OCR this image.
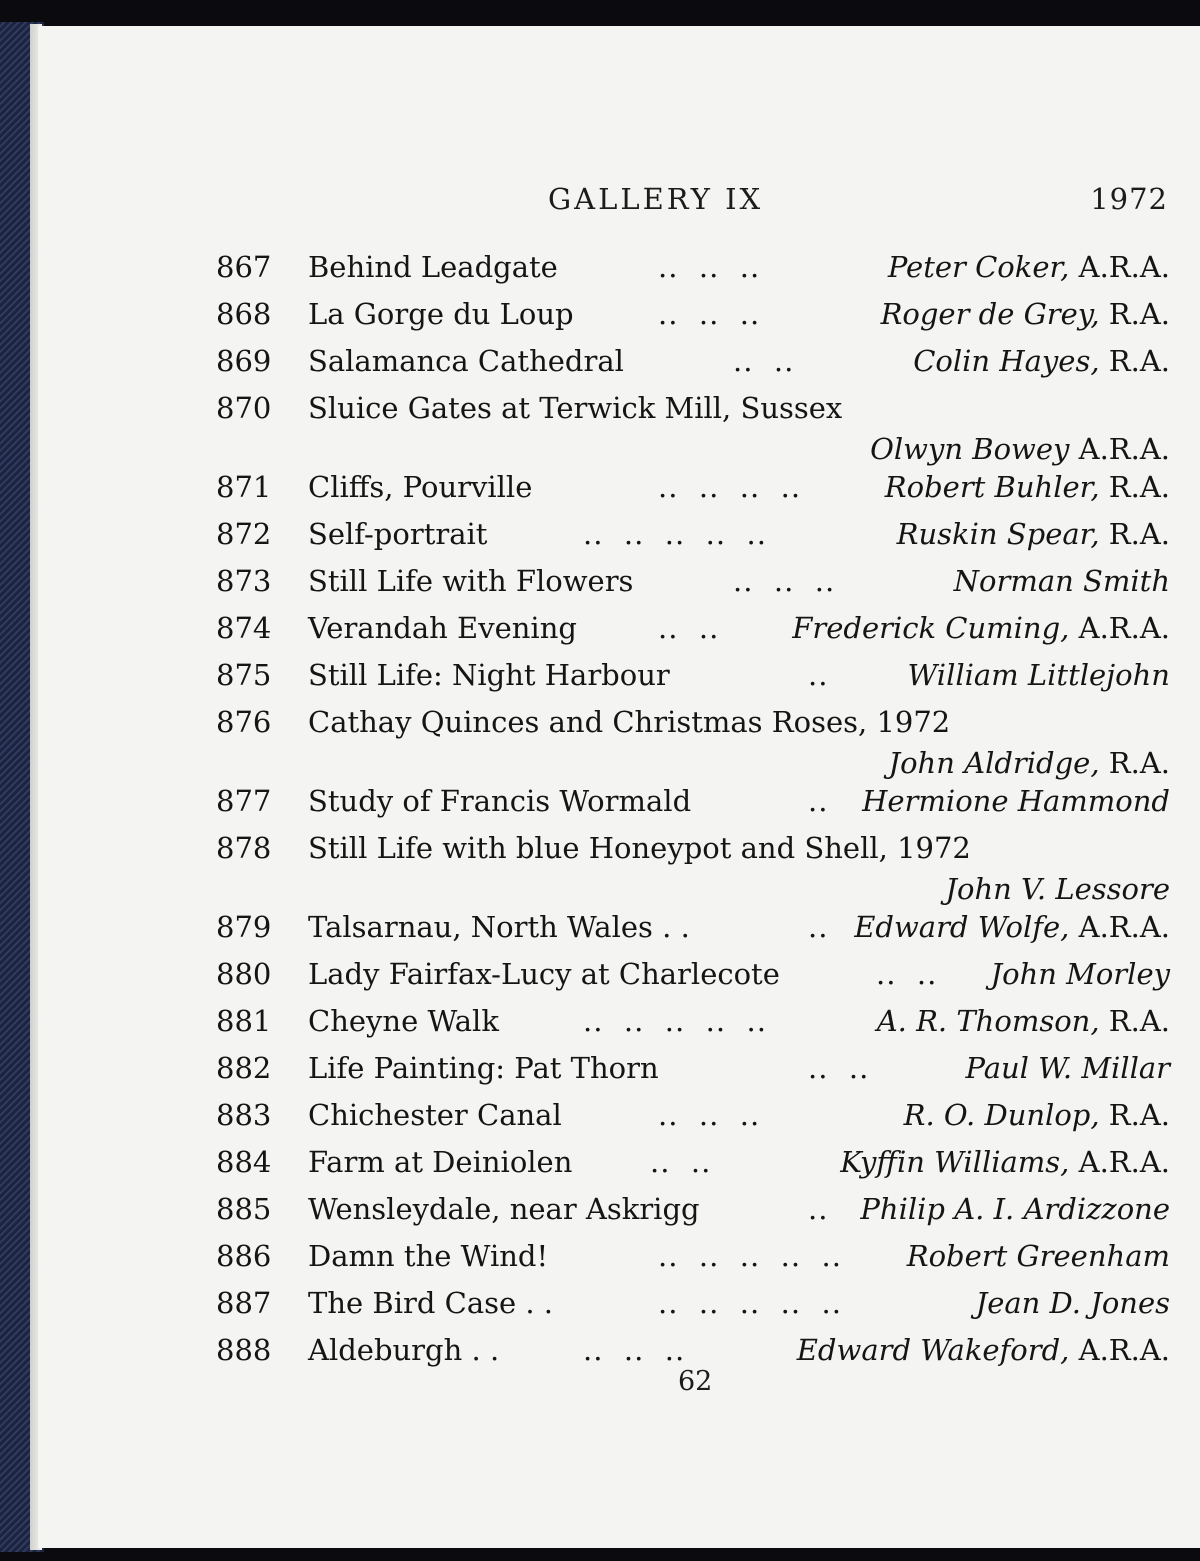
GALLERY IX	1972
867 Behind Leadgate	..  ..  ..	Peter Coker, A.R.A.
868 La Gorge du Loup	..  ..  ..	Roger de Grey, R.A.
869 Salamanca Cathedral	..  ..	Colin Hayes, R.A.
870 Sluice Gates at Terwick Mill, Sussex
Olwyn Bowey A.R.A.
871 Cliffs, Pourville	..  ..  ..  ..	Robert Buhler, R.A.
872 Self-portrait	..  ..  ..  ..  ..	Ruskin Spear, R.A.
873 Still Life with Flowers	..  ..  ..	Norman Smith
874 Verandah Evening	..  ..	Frederick Cuming, A.R.A.
875 Still Life: Night Harbour	..	William Littlejohn
876 Cathay Quinces and Christmas Roses, 1972
John Aldridge, R.A.
877 Study of Francis Wormald	.. Hermione Hammond
878 Still Life with blue Honeypot and Shell, 1972
John V. Lessore
879 Talsarnau, North Wales . .	.. Edward Wolfe, A.R.A.
880 Lady Fairfax-Lucy at Charlecote	..  .. John Morley
881 Cheyne Walk	..  ..  ..  ..  ..	A. R. Thomson, R.A.
882 Life Painting: Pat Thorn	..  ..	Paul W. Millar
883 Chichester Canal	..  ..  ..	R. O. Dunlop, R.A.
884 Farm at Deiniolen	..  ..	Kyffin Williams, A.R.A.
885 Wensleydale, near Askrigg	.. Philip A. I. Ardizzone
886 Damn the Wind!	..  ..  ..  ..  .. Robert Greenham
887 The Bird Case . .	..  ..  ..  ..  ..	Jean D. Jones
888 Aldeburgh . .	..  ..  ..	Edward Wakeford, A.R.A.
62
